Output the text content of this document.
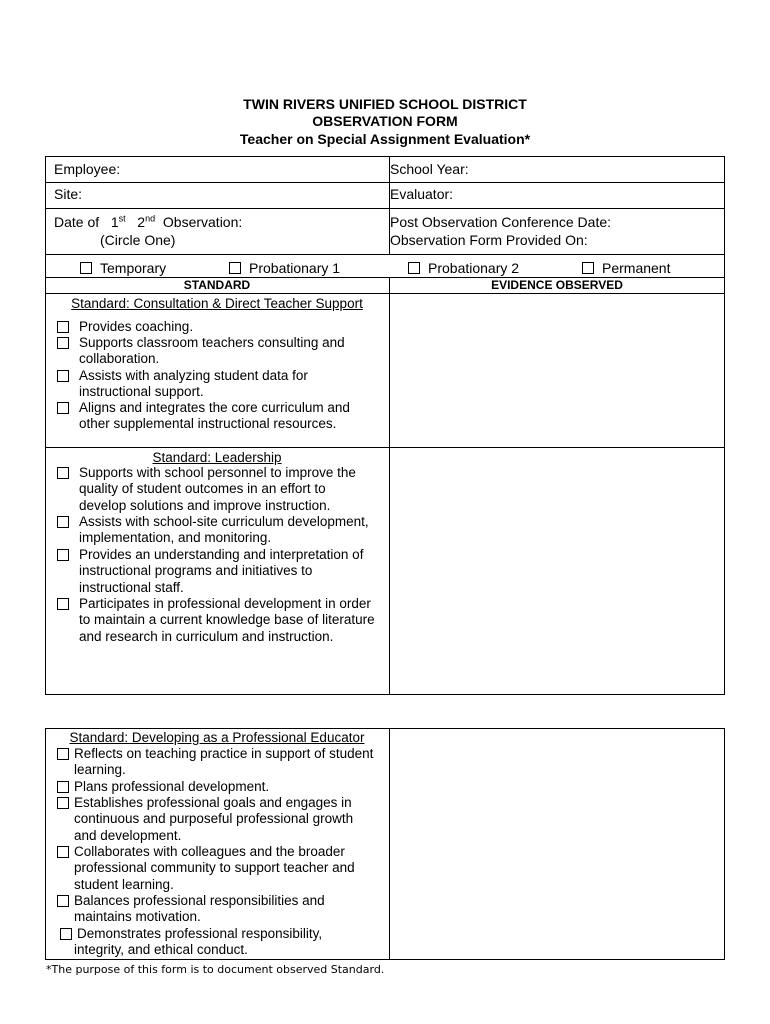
TWIN RIVERS UNIFIED SCHOOL DISTRICT
OBSERVATION FORM
Teacher on Special Assignment Evaluation*
Employee:	School Year:
Site:	Evaluator:
Date of 1st 2nd Observation:
(Circle One)
Post Observation Conference Date:
Observation Form Provided On:
Temporary	Probationary 1	Probationary 2	Permanent
STANDARD	EVIDENCE OBSERVED
Standard: Consultation & Direct Teacher Support
Provides coaching.
Supports classroom teachers consulting and
collaboration.
Assists with analyzing student data for
instructional support.
Aligns and integrates the core curriculum and
other supplemental instructional resources.
Standard: Leadership
Supports with school personnel to improve the
quality of student outcomes in an effort to
develop solutions and improve instruction.
Assists with school-site curriculum development,
implementation, and monitoring.
Provides an understanding and interpretation of
instructional programs and initiatives to
instructional staff.
Participates in professional development in order
to maintain a current knowledge base of literature
and research in curriculum and instruction.
Standard: Developing as a Professional Educator
Reflects on teaching practice in support of student
learning.
Plans professional development.
Establishes professional goals and engages in
continuous and purposeful professional growth
and development.
Collaborates with colleagues and the broader
professional community to support teacher and
student learning.
Balances professional responsibilities and
maintains motivation.
Demonstrates professional responsibility,
integrity, and ethical conduct.
*The purpose of this form is to document observed Standard.
